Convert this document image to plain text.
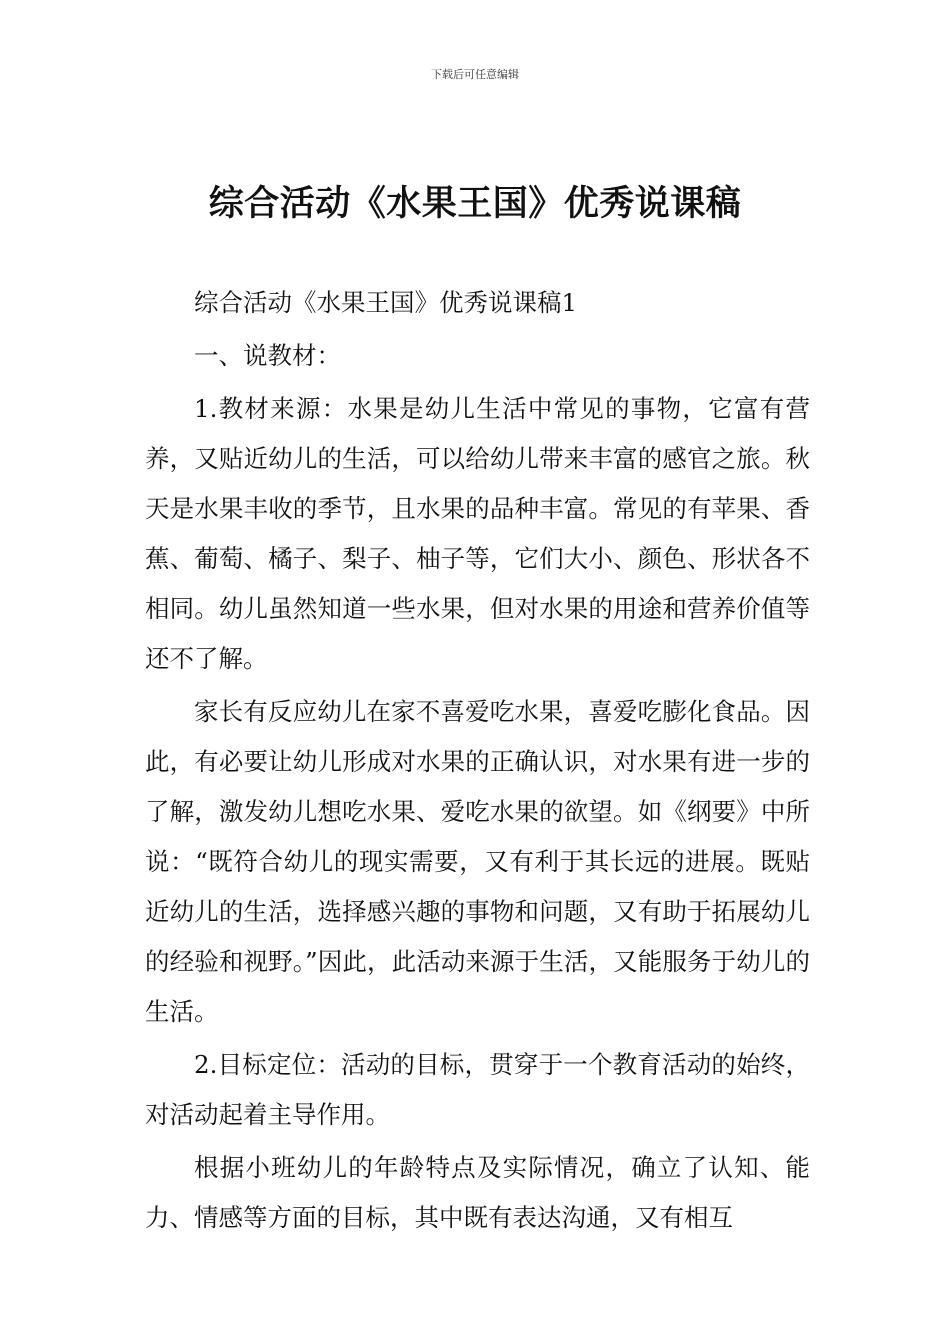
下载后可任意编辑
综合活动《水果王国》优秀说课稿

综合活动《水果王国》优秀说课稿1

一、说教材：

1.教材来源：水果是幼儿生活中常见的事物，它富有营养，又贴近幼儿的生活，可以给幼儿带来丰富的感官之旅。秋天是水果丰收的季节，且水果的品种丰富。常见的有苹果、香蕉、葡萄、橘子、梨子、柚子等，它们大小、颜色、形状各不相同。幼儿虽然知道一些水果，但对水果的用途和营养价值等还不了解。

家长有反应幼儿在家不喜爱吃水果，喜爱吃膨化食品。因此，有必要让幼儿形成对水果的正确认识，对水果有进一步的了解，激发幼儿想吃水果、爱吃水果的欲望。如《纲要》中所说：“既符合幼儿的现实需要，又有利于其长远的进展。既贴近幼儿的生活，选择感兴趣的事物和问题，又有助于拓展幼儿的经验和视野。”因此，此活动来源于生活，又能服务于幼儿的生活。

2.目标定位：活动的目标，贯穿于一个教育活动的始终，对活动起着主导作用。

根据小班幼儿的年龄特点及实际情况，确立了认知、能力、情感等方面的目标，其中既有表达沟通，又有相互
